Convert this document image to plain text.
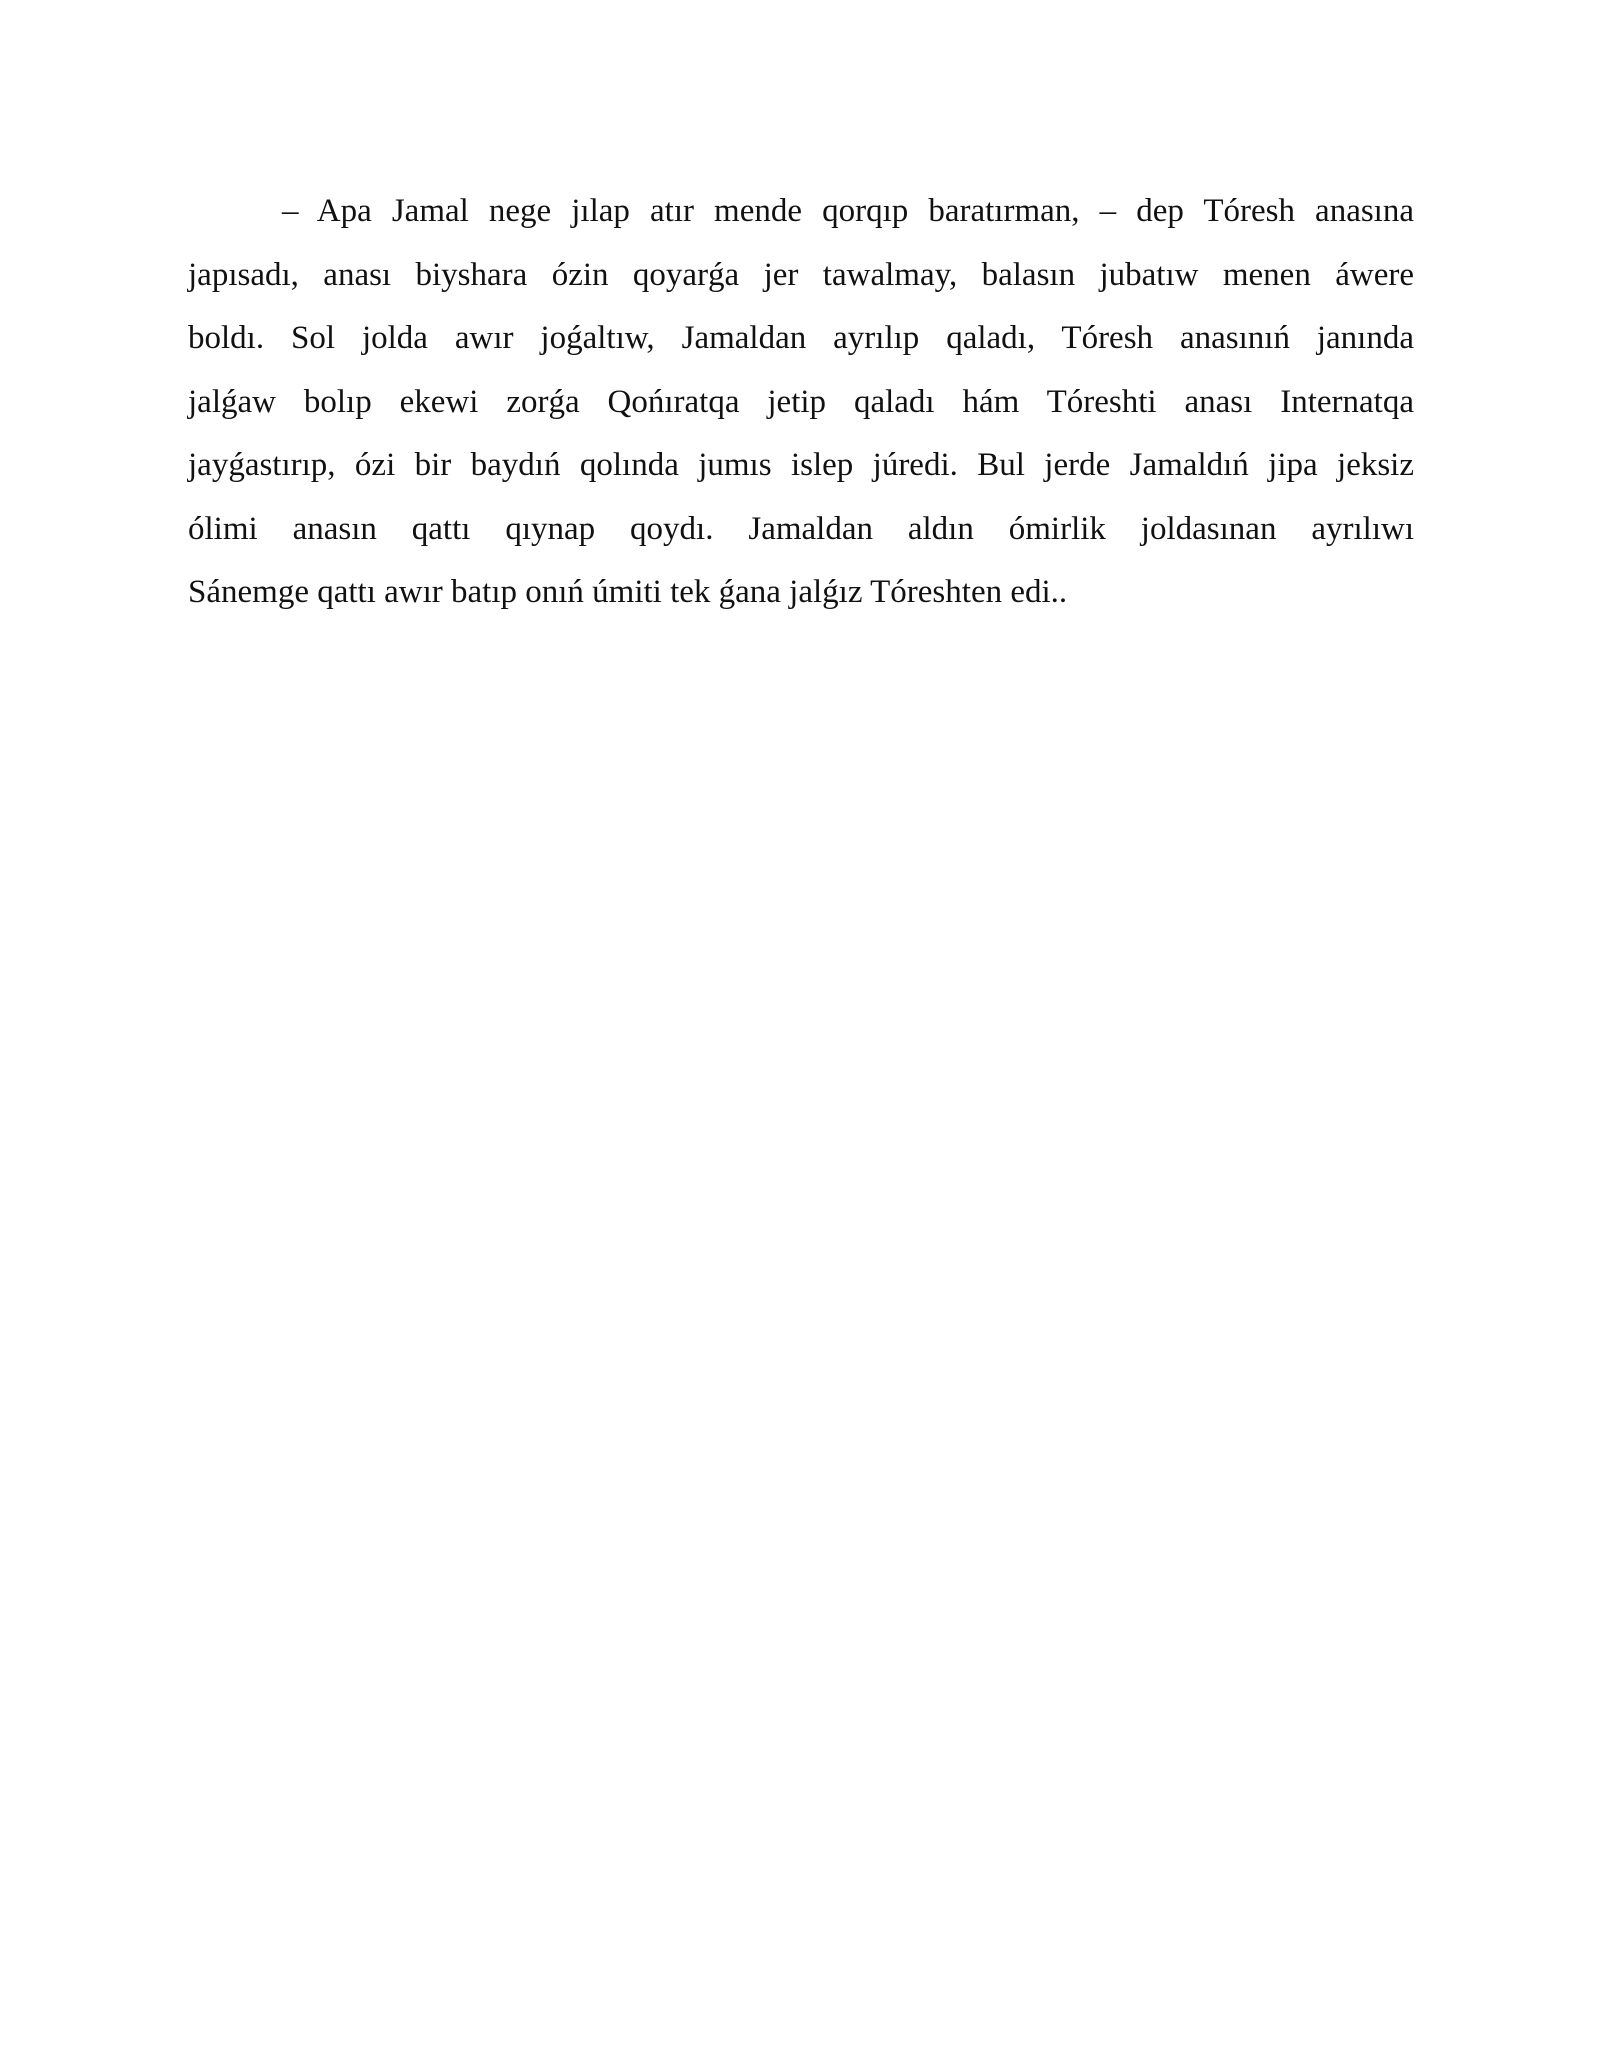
– Apa Jamal nege jılap atır mende qorqıp baratırman, – dep Tóresh anasına
japısadı, anası biyshara ózin qoyarǵa jer tawalmay, balasın jubatıw menen áwere
boldı. Sol jolda awır joǵaltıw, Jamaldan ayrılıp qaladı, Tóresh anasınıń janında
jalǵaw bolıp ekewi zorǵa Qońıratqa jetip qaladı hám Tóreshti anası Internatqa
jayǵastırıp, ózi bir baydıń qolında jumıs islep júredi. Bul jerde Jamaldıń jipa jeksiz
ólimi anasın qattı qıynap qoydı. Jamaldan aldın ómirlik joldasınan ayrılıwı
Sánemge qattı awır batıp onıń úmiti tek ǵana jalǵız Tóreshten edi..
